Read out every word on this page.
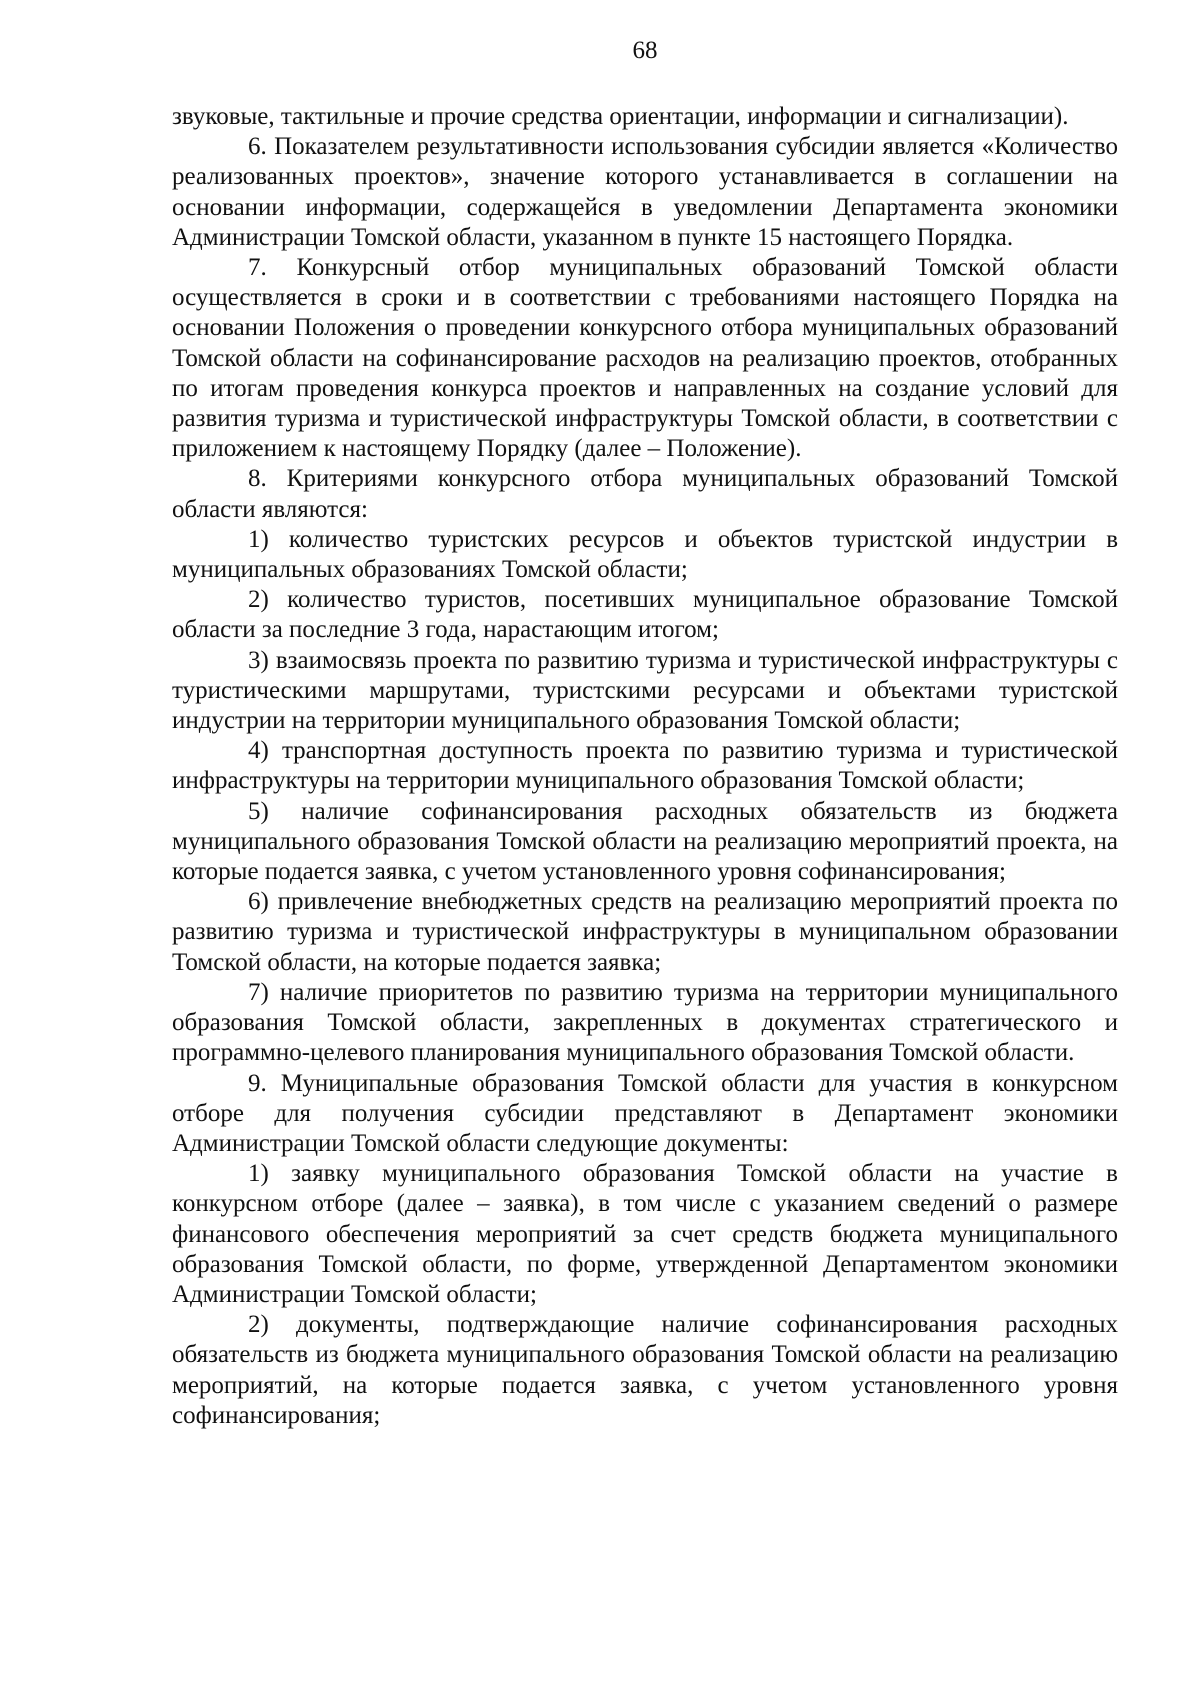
68

звуковые, тактильные и прочие средства ориентации, информации и сигнализации).

6. Показателем результативности использования субсидии является «Количество реализованных проектов», значение которого устанавливается в соглашении на основании информации, содержащейся в уведомлении Департамента экономики Администрации Томской области, указанном в пункте 15 настоящего Порядка.

7. Конкурсный отбор муниципальных образований Томской области осуществляется в сроки и в соответствии с требованиями настоящего Порядка на основании Положения о проведении конкурсного отбора муниципальных образований Томской области на софинансирование расходов на реализацию проектов, отобранных по итогам проведения конкурса проектов и направленных на создание условий для развития туризма и туристической инфраструктуры Томской области, в соответствии с приложением к настоящему Порядку (далее – Положение).

8. Критериями конкурсного отбора муниципальных образований Томской области являются:

1) количество туристских ресурсов и объектов туристской индустрии в муниципальных образованиях Томской области;

2) количество туристов, посетивших муниципальное образование Томской области за последние 3 года, нарастающим итогом;

3) взаимосвязь проекта по развитию туризма и туристической инфраструктуры с туристическими маршрутами, туристскими ресурсами и объектами туристской индустрии на территории муниципального образования Томской области;

4) транспортная доступность проекта по развитию туризма и туристической инфраструктуры на территории муниципального образования Томской области;

5) наличие софинансирования расходных обязательств из бюджета муниципального образования Томской области на реализацию мероприятий проекта, на которые подается заявка, с учетом установленного уровня софинансирования;

6) привлечение внебюджетных средств на реализацию мероприятий проекта по развитию туризма и туристической инфраструктуры в муниципальном образовании Томской области, на которые подается заявка;

7) наличие приоритетов по развитию туризма на территории муниципального образования Томской области, закрепленных в документах стратегического и программно-целевого планирования муниципального образования Томской области.

9. Муниципальные образования Томской области для участия в конкурсном отборе для получения субсидии представляют в Департамент экономики Администрации Томской области следующие документы:

1) заявку муниципального образования Томской области на участие в конкурсном отборе (далее – заявка), в том числе с указанием сведений о размере финансового обеспечения мероприятий за счет средств бюджета муниципального образования Томской области, по форме, утвержденной Департаментом экономики Администрации Томской области;

2) документы, подтверждающие наличие софинансирования расходных обязательств из бюджета муниципального образования Томской области на реализацию мероприятий, на которые подается заявка, с учетом установленного уровня софинансирования;
